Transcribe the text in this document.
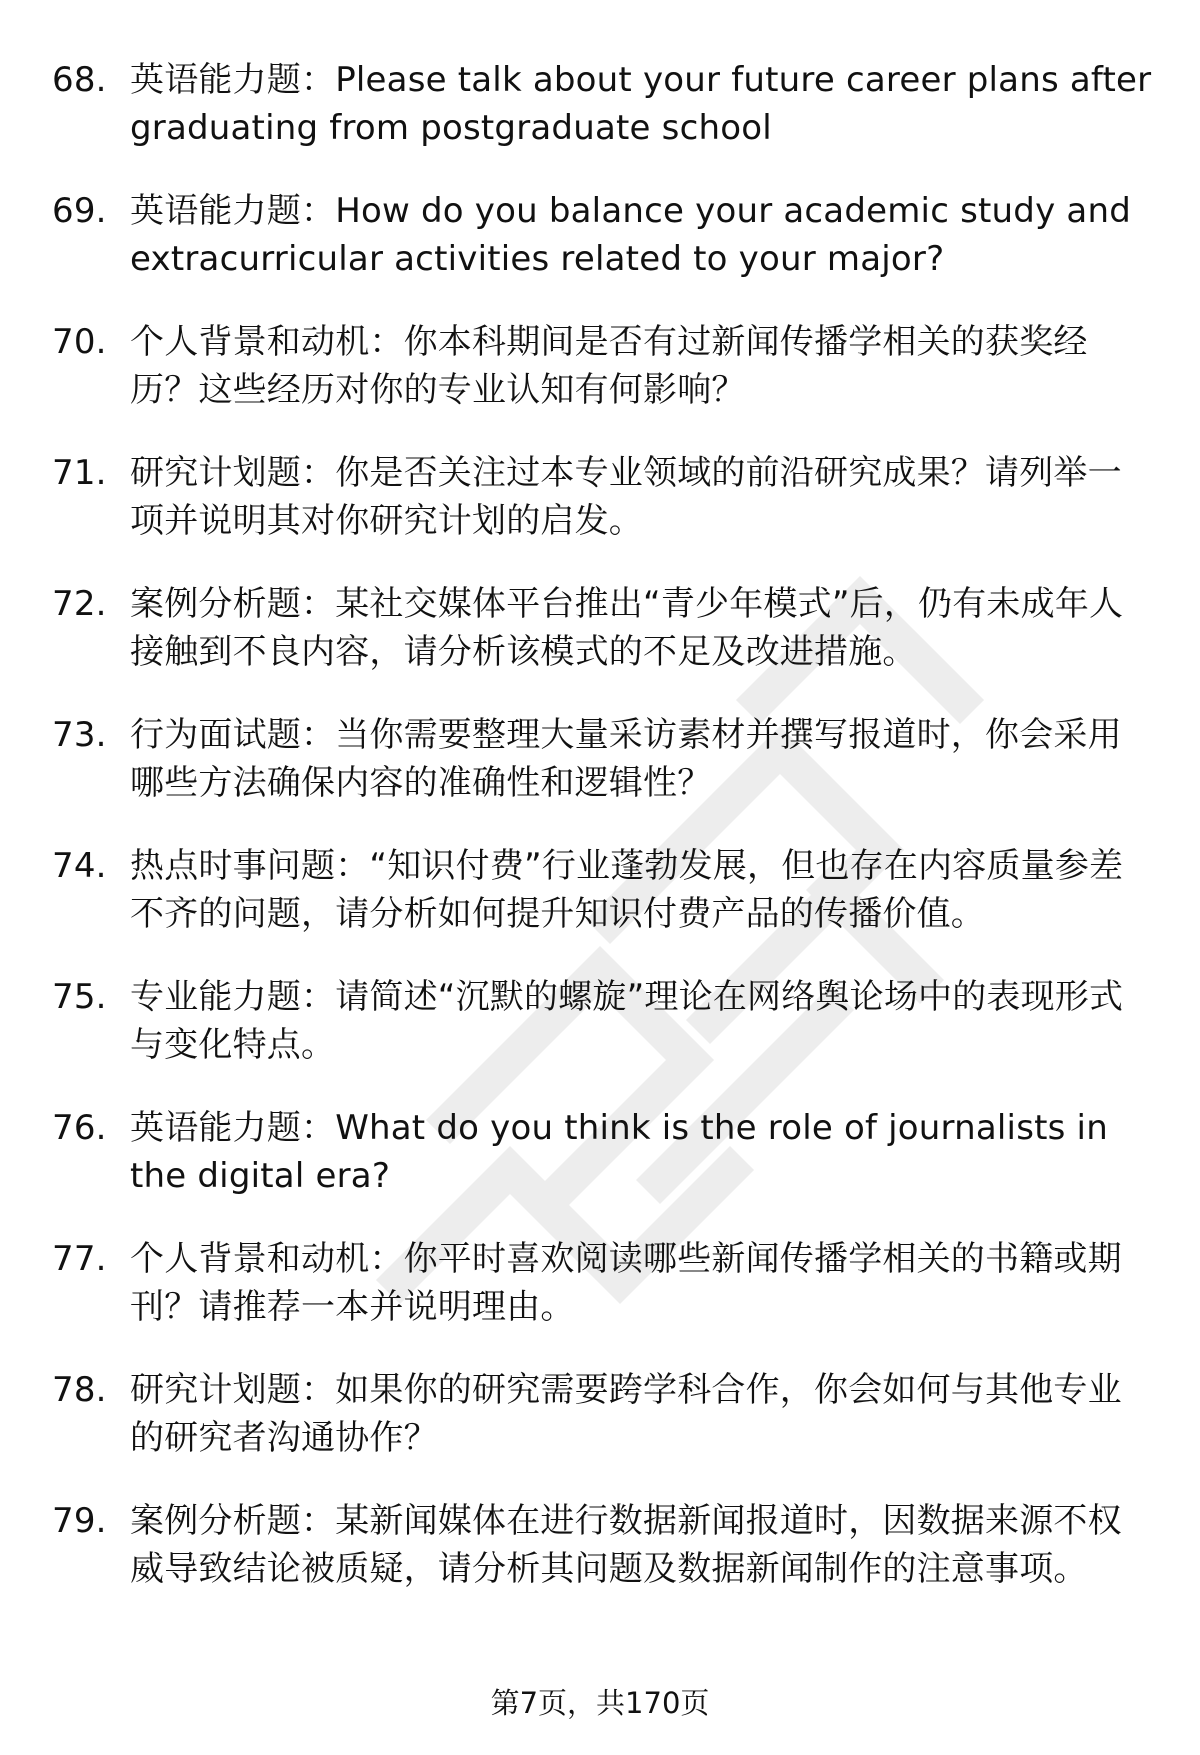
68. 英语能力题：Please talk about your future career plans after graduating from postgraduate school
69. 英语能力题：How do you balance your academic study and extracurricular activities related to your major?
70. 个人背景和动机：你本科期间是否有过新闻传播学相关的获奖经历？这些经历对你的专业认知有何影响？
71. 研究计划题：你是否关注过本专业领域的前沿研究成果？请列举一项并说明其对你研究计划的启发。
72. 案例分析题：某社交媒体平台推出“青少年模式”后，仍有未成年人接触到不良内容，请分析该模式的不足及改进措施。
73. 行为面试题：当你需要整理大量采访素材并撰写报道时，你会采用哪些方法确保内容的准确性和逻辑性？
74. 热点时事问题：“知识付费”行业蓬勃发展，但也存在内容质量参差不齐的问题，请分析如何提升知识付费产品的传播价值。
75. 专业能力题：请简述“沉默的螺旋”理论在网络舆论场中的表现形式与变化特点。
76. 英语能力题：What do you think is the role of journalists in the digital era?
77. 个人背景和动机：你平时喜欢阅读哪些新闻传播学相关的书籍或期刊？请推荐一本并说明理由。
78. 研究计划题：如果你的研究需要跨学科合作，你会如何与其他专业的研究者沟通协作？
79. 案例分析题：某新闻媒体在进行数据新闻报道时，因数据来源不权威导致结论被质疑，请分析其问题及数据新闻制作的注意事项。
第7页，共170页
